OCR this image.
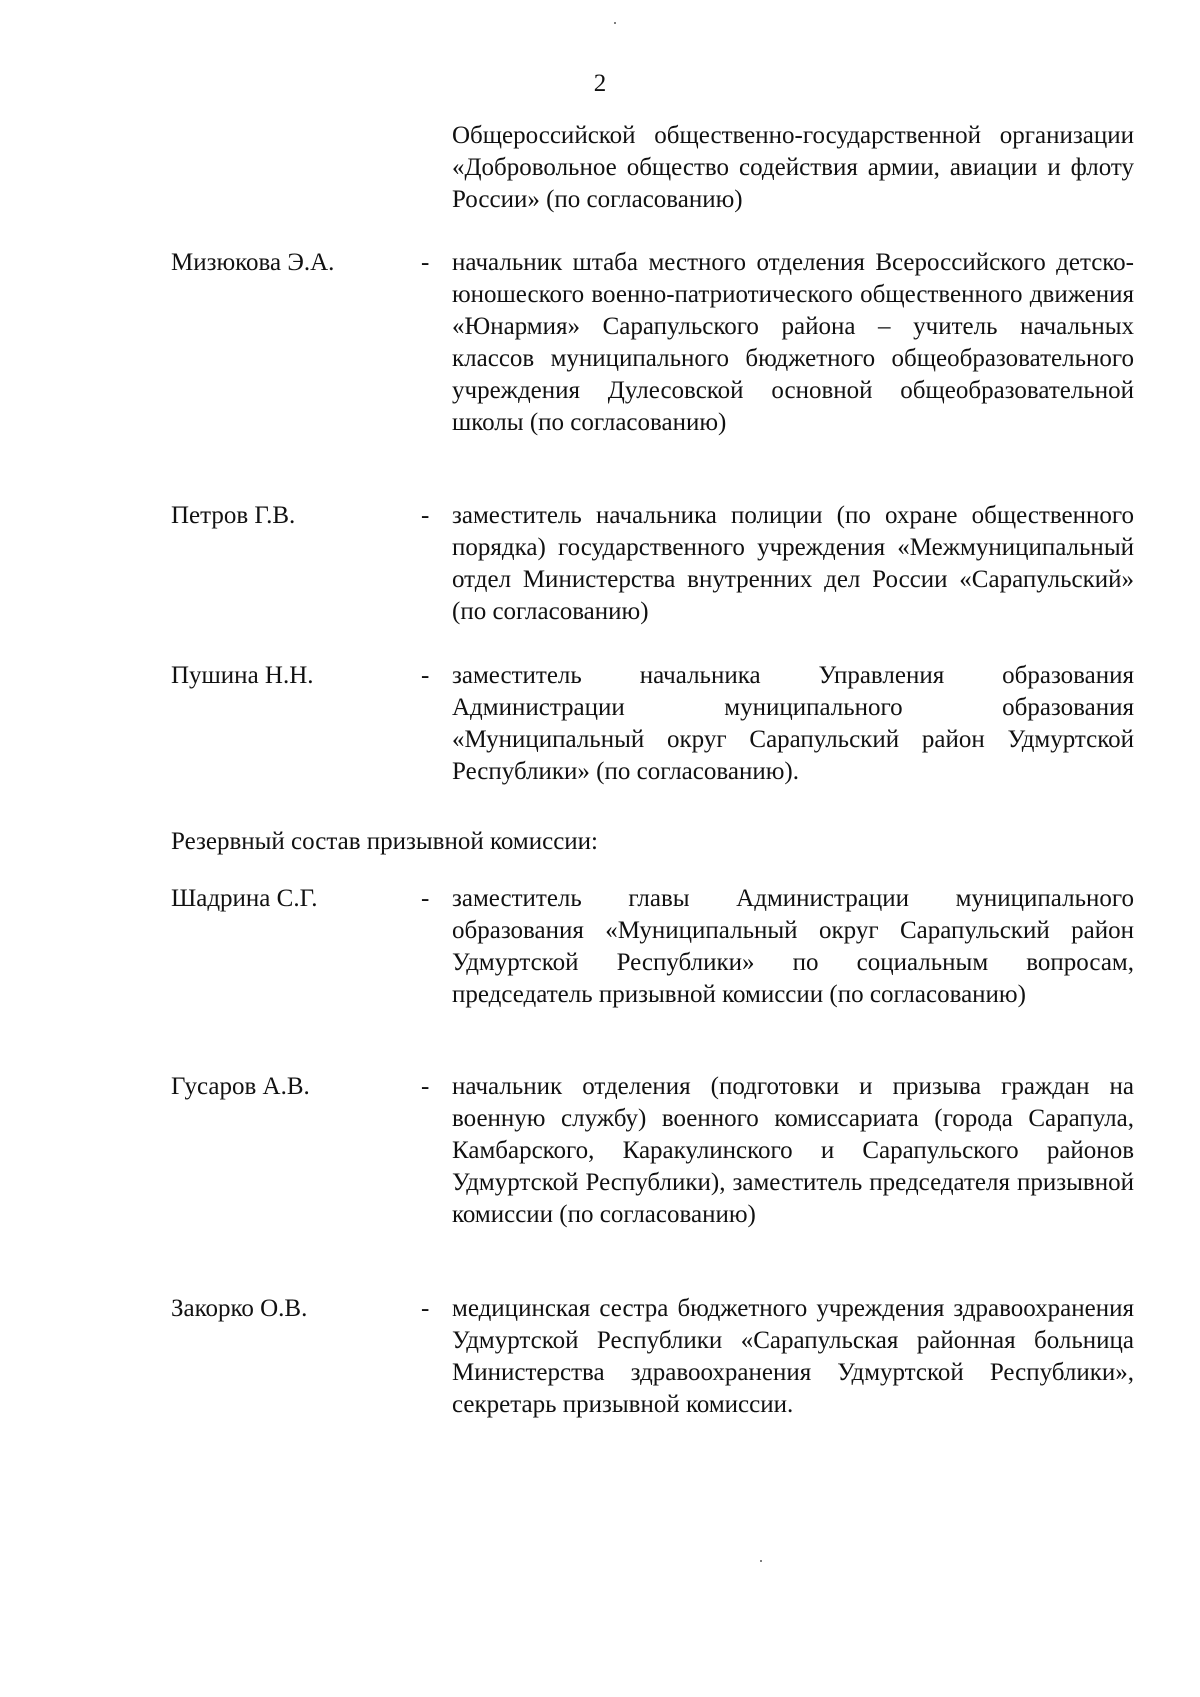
2
Общероссийской общественно-государственной организации «Добровольное общество содействия армии, авиации и флоту России» (по согласованию)
Мизюкова Э.А.	- начальник штаба местного отделения Всероссийского детско-юношеского военно-патриотического общественного движения «Юнармия» Сарапульского района – учитель начальных классов муниципального бюджетного общеобразовательного учреждения Дулесовской основной общеобразовательной школы (по согласованию)
Петров Г.В.	- заместитель начальника полиции (по охране общественного порядка) государственного учреждения «Межмуниципальный отдел Министерства внутренних дел России «Сарапульский» (по согласованию)
Пушина Н.Н.	- заместитель начальника Управления образования Администрации муниципального образования «Муниципальный округ Сарапульский район Удмуртской Республики» (по согласованию).
Резервный состав призывной комиссии:
Шадрина С.Г.	- заместитель главы Администрации муниципального образования «Муниципальный округ Сарапульский район Удмуртской Республики» по социальным вопросам, председатель призывной комиссии (по согласованию)
Гусаров А.В.	- начальник отделения (подготовки и призыва граждан на военную службу) военного комиссариата (города Сарапула, Камбарского, Каракулинского и Сарапульского районов Удмуртской Республики), заместитель председателя призывной комиссии (по согласованию)
Закорко О.В.	- медицинская сестра бюджетного учреждения здравоохранения Удмуртской Республики «Сарапульская районная больница Министерства здравоохранения Удмуртской Республики», секретарь призывной комиссии.
